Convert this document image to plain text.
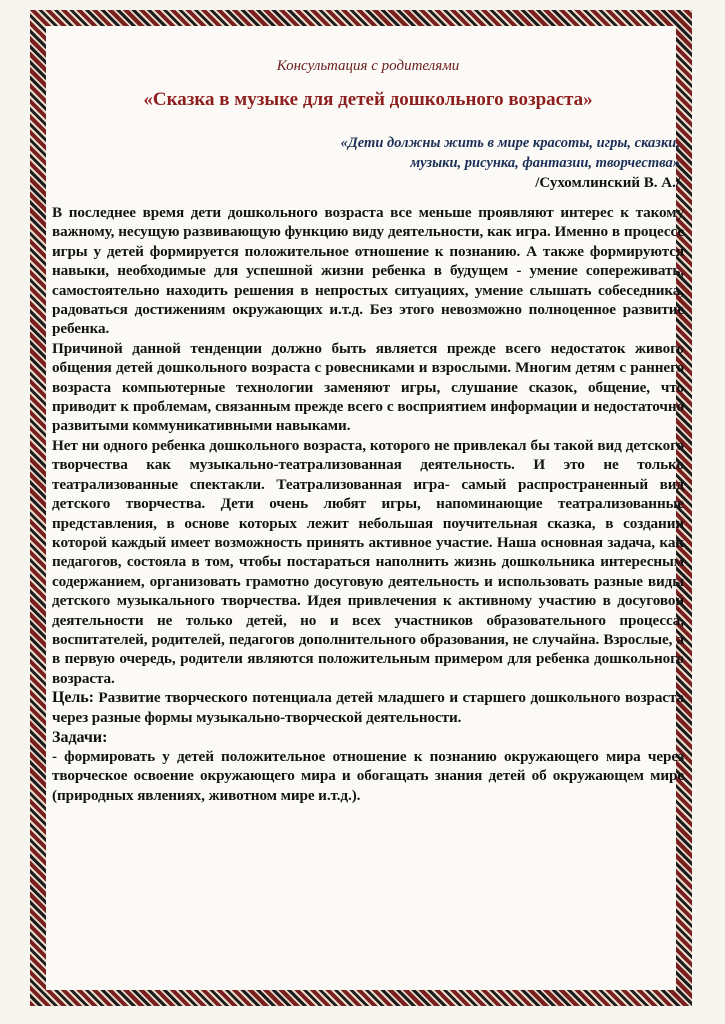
Консультация с родителями
«Сказка в музыке для детей дошкольного возраста»
«Дети должны жить в мире красоты, игры, сказки,
музыки, рисунка, фантазии, творчества»
/Сухомлинский В. А./

В последнее время дети дошкольного возраста все меньше проявляют интерес к такому важному, несущую развивающую функцию виду деятельности, как игра. Именно в процессе игры у детей формируется положительное отношение к познанию. А также формируются навыки, необходимые для успешной жизни ребенка в будущем - умение сопереживать, самостоятельно находить решения в непростых ситуациях, умение слышать собеседника, радоваться достижениям окружающих и.т.д. Без этого невозможно полноценное развитие ребенка.

Причиной данной тенденции должно быть является прежде всего недостаток живого общения детей дошкольного возраста с ровесниками и взрослыми. Многим детям с раннего возраста компьютерные технологии заменяют игры, слушание сказок, общение, что приводит к проблемам, связанным прежде всего с восприятием информации и недостаточно развитыми коммуникативными навыками.

Нет ни одного ребенка дошкольного возраста, которого не привлекал бы такой вид детского творчества как музыкально-театрализованная деятельность. И это не только театрализованные спектакли. Театрализованная игра- самый распространенный вид детского творчества. Дети очень любят игры, напоминающие театрализованные представления, в основе которых лежит небольшая поучительная сказка, в создании которой каждый имеет возможность принять активное участие. Наша основная задача, как педагогов, состояла в том, чтобы постараться наполнить жизнь дошкольника интересным содержанием, организовать грамотно досуговую деятельность и использовать разные виды детского музыкального творчества. Идея привлечения к активному участию в досуговой деятельности не только детей, но и всех участников образовательного процесса, воспитателей, родителей, педагогов дополнительного образования, не случайна. Взрослые, а в первую очередь, родители являются положительным примером для ребенка дошкольного возраста.

Цель: Развитие творческого потенциала детей младшего и старшего дошкольного возраста через разные формы музыкально-творческой деятельности.

Задачи:

- формировать у детей положительное отношение к познанию окружающего мира через творческое освоение окружающего мира и обогащать знания детей об окружающем мире (природных явлениях, животном мире и.т.д.).
